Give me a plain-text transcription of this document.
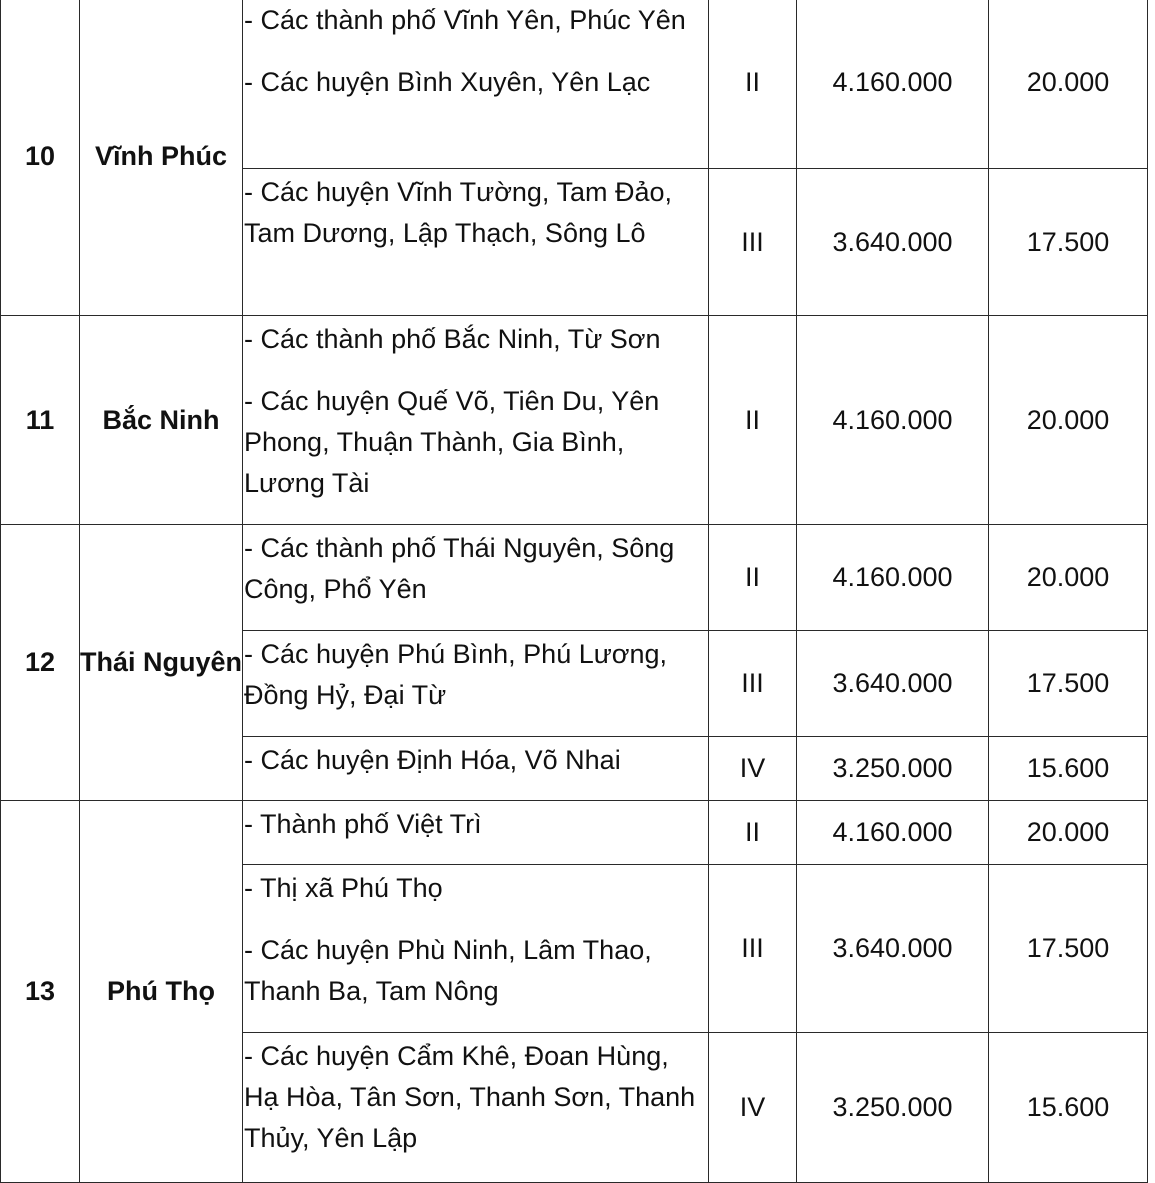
10	Vĩnh Phúc	- Các thành phố Vĩnh Yên, Phúc Yên

- Các huyện Bình Xuyên, Yên Lạc	II	4.160.000	20.000

		- Các huyện Vĩnh Tường, Tam Đảo, Tam Dương, Lập Thạch, Sông Lô	III	3.640.000	17.500
11	Bắc Ninh	- Các thành phố Bắc Ninh, Từ Sơn

- Các huyện Quế Võ, Tiên Du, Yên Phong, Thuận Thành, Gia Bình, Lương Tài	II	4.160.000	20.000
12	Thái Nguyên	- Các thành phố Thái Nguyên, Sông Công, Phổ Yên	II	4.160.000	20.000

		- Các huyện Phú Bình, Phú Lương, Đồng Hỷ, Đại Từ	III	3.640.000	17.500

		- Các huyện Định Hóa, Võ Nhai	IV	3.250.000	15.600
13	Phú Thọ	- Thành phố Việt Trì	II	4.160.000	20.000

		- Thị xã Phú Thọ

- Các huyện Phù Ninh, Lâm Thao, Thanh Ba, Tam Nông	III	3.640.000	17.500

		- Các huyện Cẩm Khê, Đoan Hùng, Hạ Hòa, Tân Sơn, Thanh Sơn, Thanh Thủy, Yên Lập	IV	3.250.000	15.600
